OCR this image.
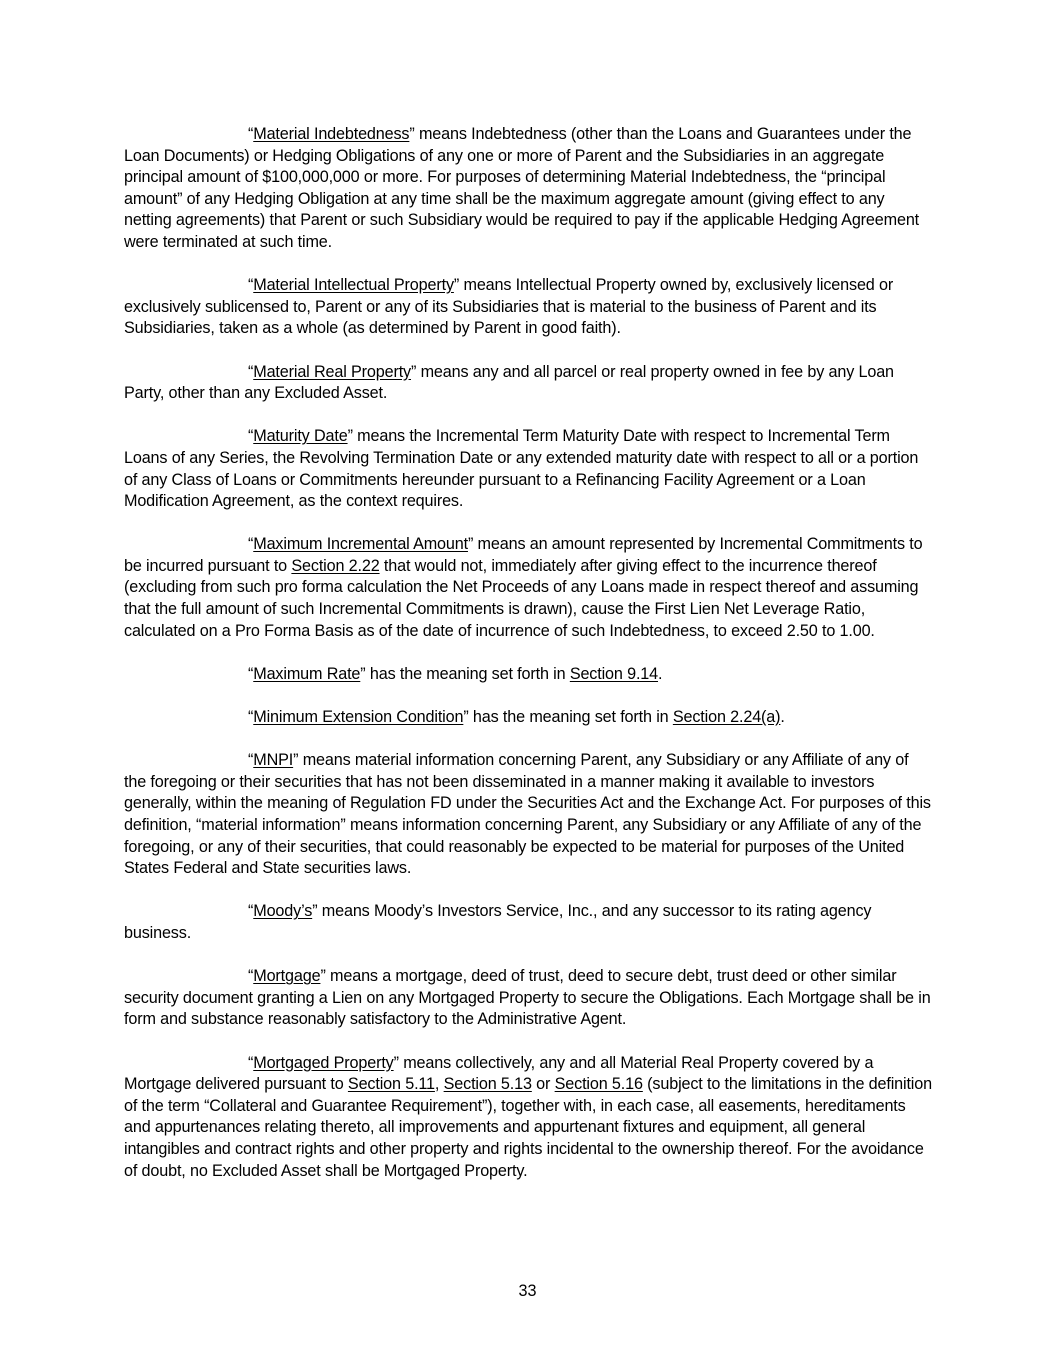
“Material Indebtedness” means Indebtedness (other than the Loans and Guarantees under the Loan Documents) or Hedging Obligations of any one or more of Parent and the Subsidiaries in an aggregate principal amount of $100,000,000 or more. For purposes of determining Material Indebtedness, the “principal amount” of any Hedging Obligation at any time shall be the maximum aggregate amount (giving effect to any netting agreements) that Parent or such Subsidiary would be required to pay if the applicable Hedging Agreement were terminated at such time.

“Material Intellectual Property” means Intellectual Property owned by, exclusively licensed or exclusively sublicensed to, Parent or any of its Subsidiaries that is material to the business of Parent and its Subsidiaries, taken as a whole (as determined by Parent in good faith).

“Material Real Property” means any and all parcel or real property owned in fee by any Loan Party, other than any Excluded Asset.

“Maturity Date” means the Incremental Term Maturity Date with respect to Incremental Term Loans of any Series, the Revolving Termination Date or any extended maturity date with respect to all or a portion of any Class of Loans or Commitments hereunder pursuant to a Refinancing Facility Agreement or a Loan Modification Agreement, as the context requires.

“Maximum Incremental Amount” means an amount represented by Incremental Commitments to be incurred pursuant to Section 2.22 that would not, immediately after giving effect to the incurrence thereof (excluding from such pro forma calculation the Net Proceeds of any Loans made in respect thereof and assuming that the full amount of such Incremental Commitments is drawn), cause the First Lien Net Leverage Ratio, calculated on a Pro Forma Basis as of the date of incurrence of such Indebtedness, to exceed 2.50 to 1.00.

“Maximum Rate” has the meaning set forth in Section 9.14.

“Minimum Extension Condition” has the meaning set forth in Section 2.24(a).

“MNPI” means material information concerning Parent, any Subsidiary or any Affiliate of any of the foregoing or their securities that has not been disseminated in a manner making it available to investors generally, within the meaning of Regulation FD under the Securities Act and the Exchange Act. For purposes of this definition, “material information” means information concerning Parent, any Subsidiary or any Affiliate of any of the foregoing, or any of their securities, that could reasonably be expected to be material for purposes of the United States Federal and State securities laws.

“Moody’s” means Moody’s Investors Service, Inc., and any successor to its rating agency
business.

“Mortgage” means a mortgage, deed of trust, deed to secure debt, trust deed or other similar security document granting a Lien on any Mortgaged Property to secure the Obligations. Each Mortgage shall be in form and substance reasonably satisfactory to the Administrative Agent.

“Mortgaged Property” means collectively, any and all Material Real Property covered by a Mortgage delivered pursuant to Section 5.11, Section 5.13 or Section 5.16 (subject to the limitations in the definition of the term “Collateral and Guarantee Requirement”), together with, in each case, all easements, hereditaments and appurtenances relating thereto, all improvements and appurtenant fixtures and equipment, all general intangibles and contract rights and other property and rights incidental to the ownership thereof. For the avoidance of doubt, no Excluded Asset shall be Mortgaged Property.

33
